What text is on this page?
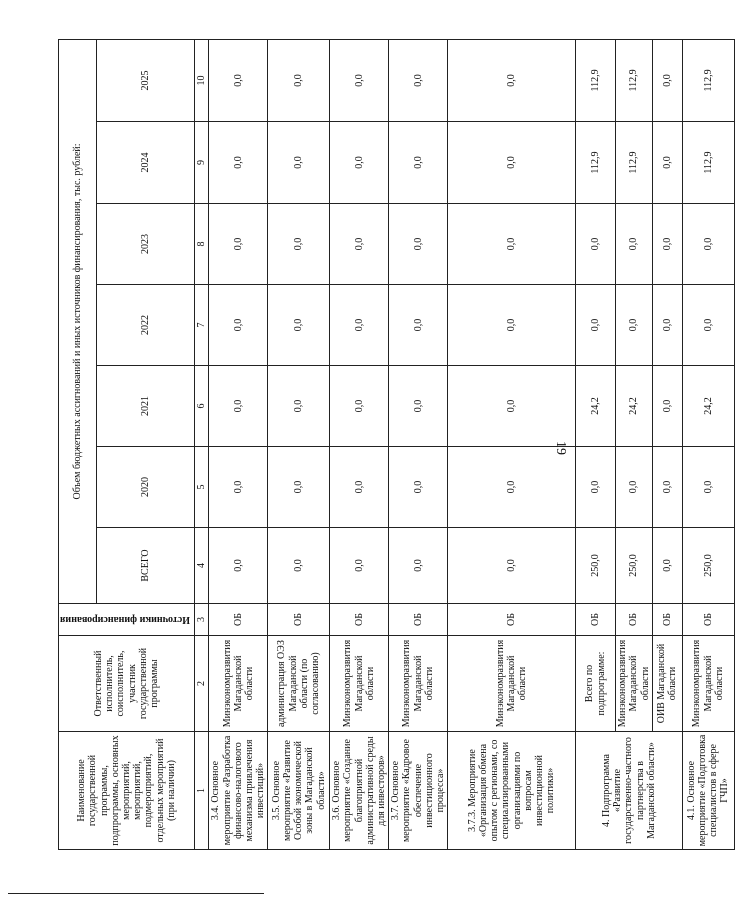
19
Наименование государственной программы, подпрограммы, основных мероприятий, мероприятий, подмероприятий, отдельных мероприятий (при наличии)	Ответственный исполнитель, соисполнитель, участник государственной программы	Источники финансирования	Объем бюджетных ассигнований и иных источников финансирования, тыс. рублей:						
			ВСЕГО	2020	2021	2022	2023	2024	2025
1	2	3	4	5	6	7	8	9	10
3.4. Основное мероприятие «Разработка финансово-налогового механизма привлечения инвестиций»	Минэкономразвития Магаданской области	ОБ	0,0	0,0	0,0	0,0	0,0	0,0	0,0
3.5. Основное мероприятие «Развитие Особой экономической зоны в Магаданской области»	администрация ОЭЗ Магаданской области (по согласованию)	ОБ	0,0	0,0	0,0	0,0	0,0	0,0	0,0
3.6. Основное мероприятие «Создание благоприятной административной среды для инвесторов»	Минэкономразвития Магаданской области	ОБ	0,0	0,0	0,0	0,0	0,0	0,0	0,0
3.7. Основное мероприятие «Кадровое обеспечение инвестиционного процесса»	Минэкономразвития Магаданской области	ОБ	0,0	0,0	0,0	0,0	0,0	0,0	0,0
3.7.3. Мероприятие «Организация обмена опытом с регионами, со специализированными организациями по вопросам инвестиционной политики»	Минэкономразвития Магаданской области	ОБ	0,0	0,0	0,0	0,0	0,0	0,0	0,0
4. Подпрограмма «Развитие государственно-частного партнерства в Магаданской области»	Всего по подпрограмме:	ОБ	250,0	0,0	24,2	0,0	0,0	112,9	112,9
	Минэкономразвития Магаданской области	ОБ	250,0	0,0	24,2	0,0	0,0	112,9	112,9
	ОИВ Магаданской области	ОБ	0,0	0,0	0,0	0,0	0,0	0,0	0,0
4.1. Основное мероприятие «Подготовка специалистов в сфере ГЧП»	Минэкономразвития Магаданской области	ОБ	250,0	0,0	24,2	0,0	0,0	112,9	112,9
